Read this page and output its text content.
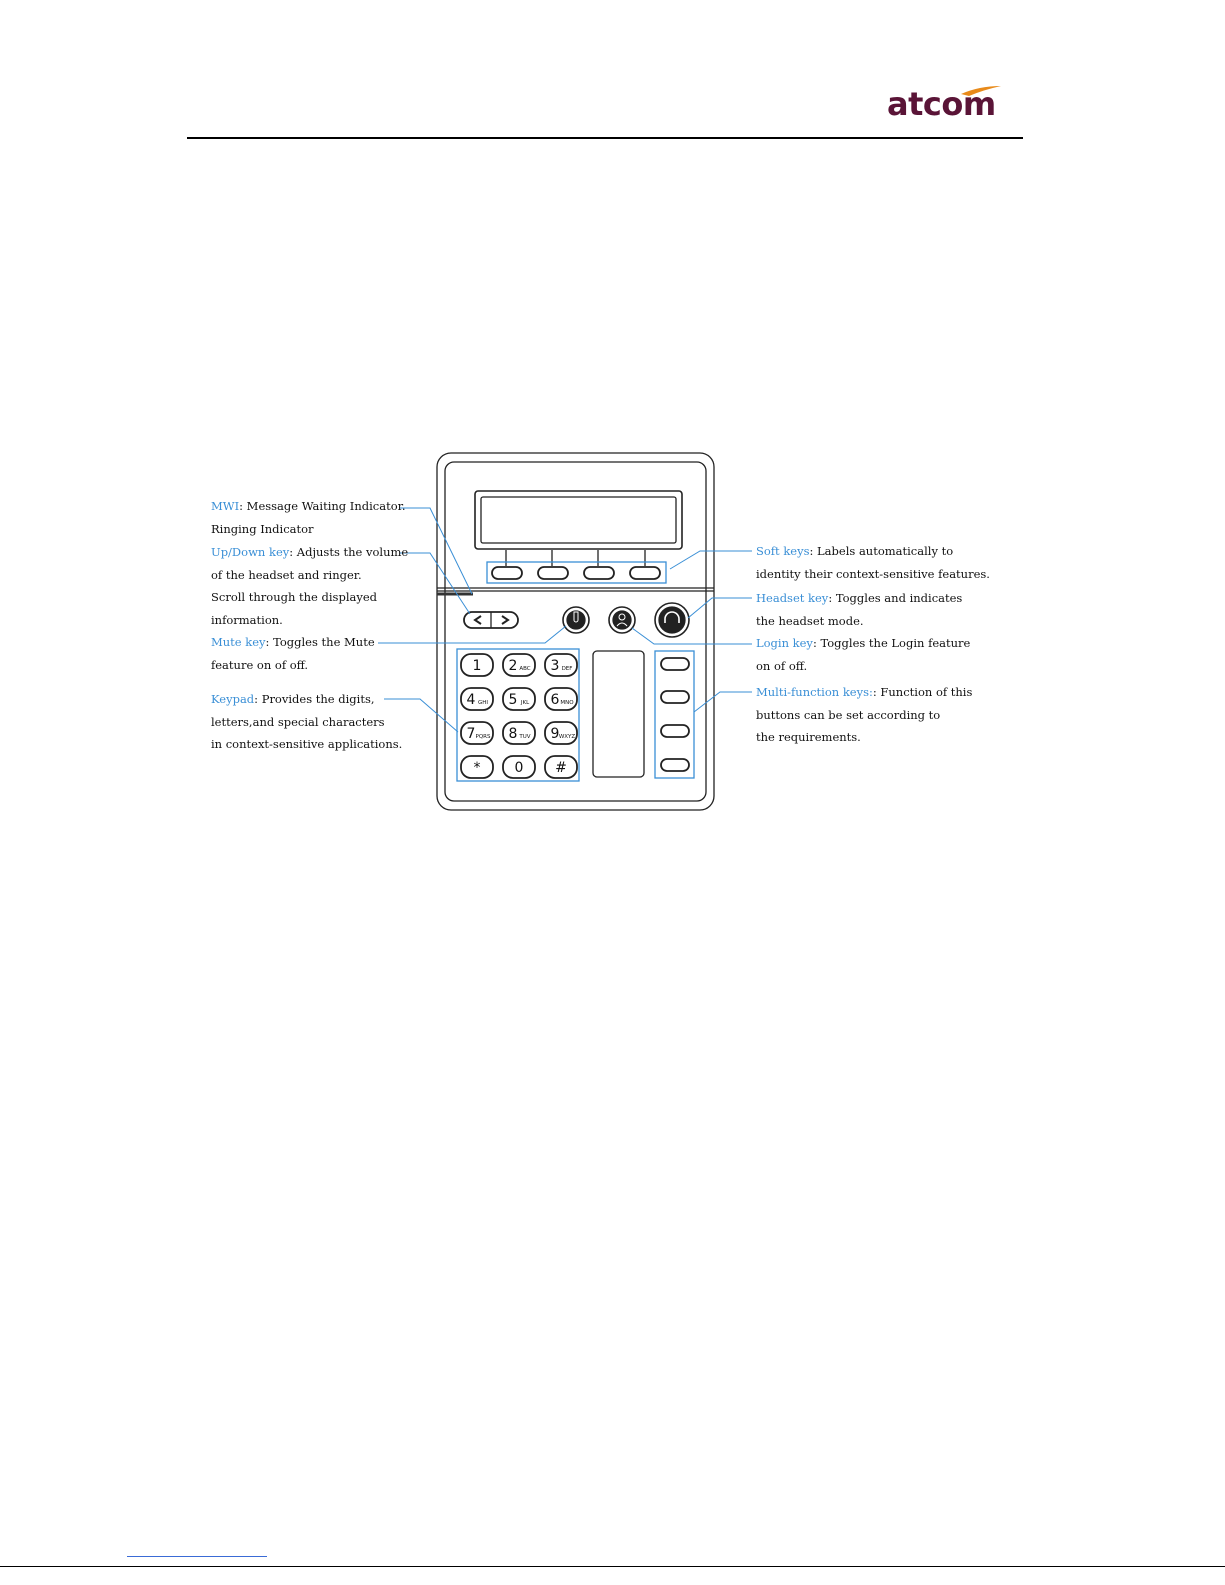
atcom
1 2 ABC 3 DEF
4 GHI 5 JKL 6 MNO
7 PQRS 8 TUV 9 WXYZ
* 0 #
MWI: Message Waiting Indicator.
Ringing Indicator
Up/Down key: Adjusts the volume
of the headset and ringer.
Scroll through the displayed
information.
Mute key: Toggles the Mute
feature on of off.
Keypad: Provides the digits,
letters,and special characters
in context-sensitive applications.
Soft keys: Labels automatically to
identity their context-sensitive features.
Headset key: Toggles and indicates
the headset mode.
Login key: Toggles the Login feature
on of off.
Multi-function keys:: Function of this
buttons can be set according to
the requirements.
